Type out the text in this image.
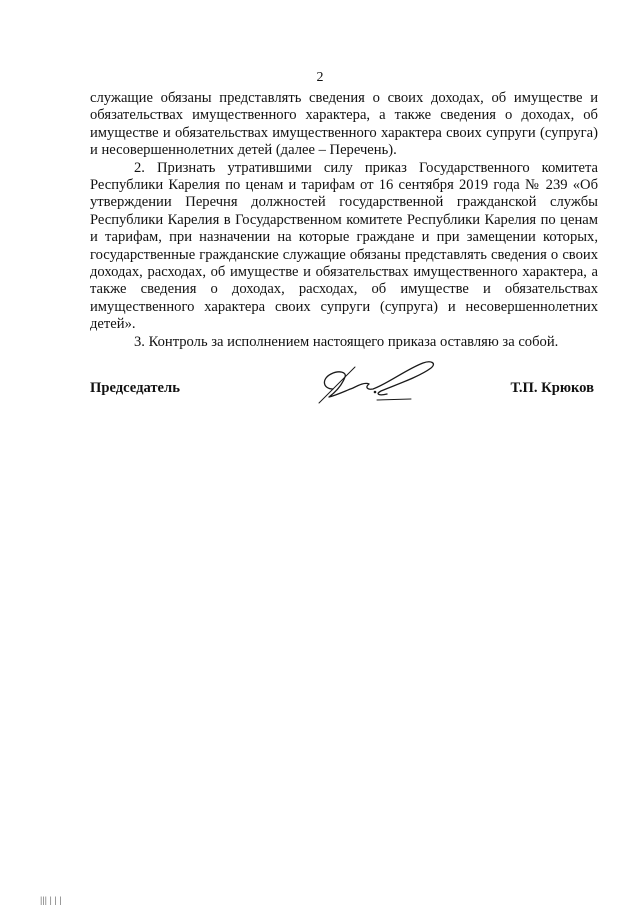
2

служащие обязаны представлять сведения о своих доходах, об имуществе и обязательствах имущественного характера, а также сведения о доходах, об имуществе и обязательствах имущественного характера своих супруги (супруга) и несовершеннолетних детей (далее – Перечень).

2. Признать утратившими силу приказ Государственного комитета Республики Карелия по ценам и тарифам от 16 сентября 2019 года № 239 «Об утверждении Перечня должностей государственной гражданской службы Республики Карелия в Государственном комитете Республики Карелия по ценам и тарифам, при назначении на которые граждане и при замещении которых, государственные гражданские служащие обязаны представлять сведения о своих доходах, расходах, об имуществе и обязательствах имущественного характера, а также сведения о доходах, расходах, об имуществе и обязательствах имущественного характера своих супруги (супруга) и несовершеннолетних детей».

3. Контроль за исполнением настоящего приказа оставляю за собой.

Председатель	Т.П. Крюков
||| | | |
